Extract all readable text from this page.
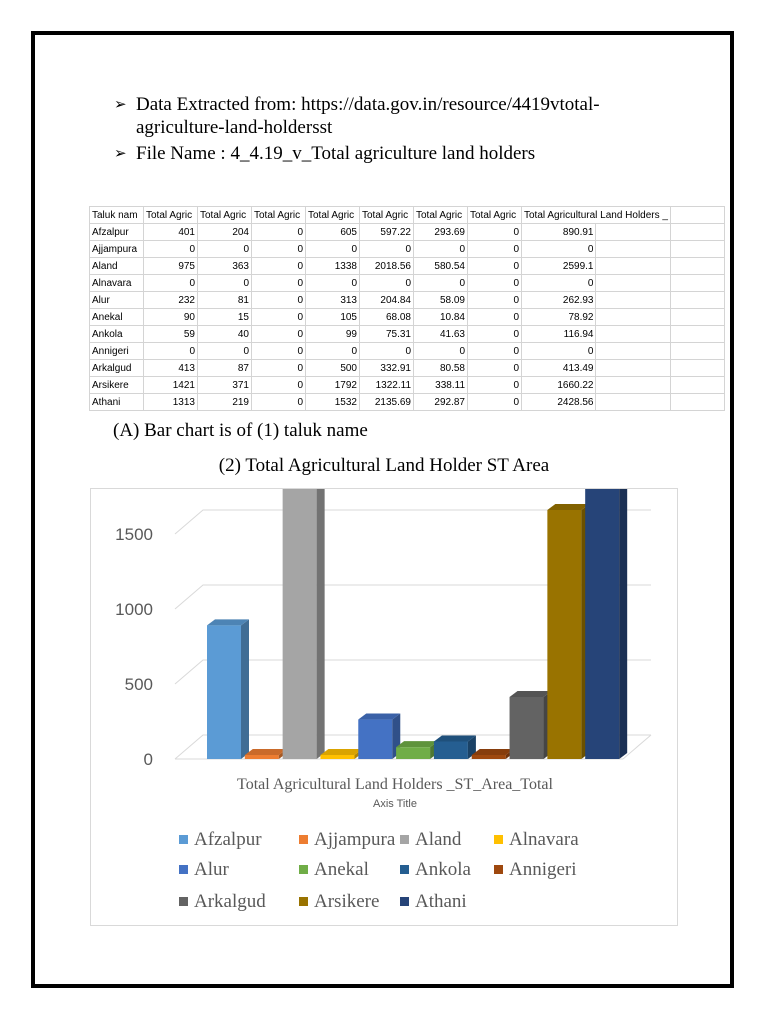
➢ Data Extracted from: https://data.gov.in/resource/4419vtotal-agriculture-land-holdersst
➢ File Name : 4_4.19_v_Total agriculture land holders
Taluk nam	Total Agric	Total Agric	Total Agric	Total Agric	Total Agric	Total Agric	Total Agric	Total Agricultural Land Holders _		
Afzalpur	401	204	0	605	597.22	293.69	0	890.91		
Ajjampura	0	0	0	0	0	0	0	0		
Aland	975	363	0	1338	2018.56	580.54	0	2599.1		
Alnavara	0	0	0	0	0	0	0	0		
Alur	232	81	0	313	204.84	58.09	0	262.93		
Anekal	90	15	0	105	68.08	10.84	0	78.92		
Ankola	59	40	0	99	75.31	41.63	0	116.94		
Annigeri	0	0	0	0	0	0	0	0		
Arkalgud	413	87	0	500	332.91	80.58	0	413.49		
Arsikere	1421	371	0	1792	1322.11	338.11	0	1660.22		
Athani	1313	219	0	1532	2135.69	292.87	0	2428.56		
(A) Bar chart is of (1) taluk name
(2) Total Agricultural Land Holder ST Area
0
500
1000
1500
Total Agricultural Land Holders _ST_Area_Total
Axis Title
Afzalpur	Ajjampura Aland	Alnavara
Alur	Anekal Ankola Annigeri
Arkalgud	Arsikere Athani
